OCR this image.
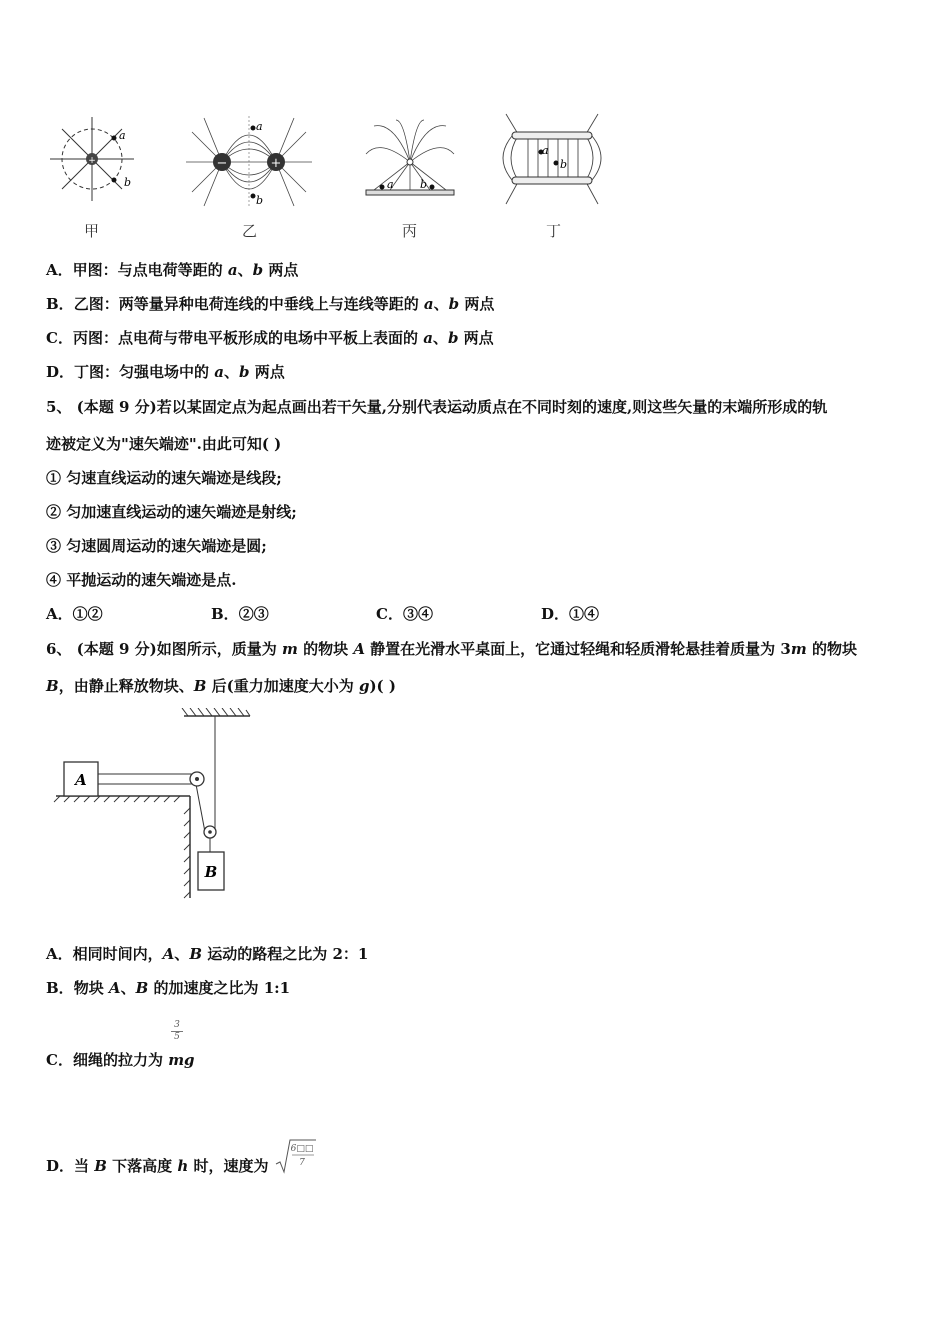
+
a
b
−	+
a
b
a b
a
b
甲	乙	丙	丁
A．甲图：与点电荷等距的 a、b 两点
B．乙图：两等量异种电荷连线的中垂线上与连线等距的 a、b 两点
C．丙图：点电荷与带电平板形成的电场中平板上表面的 a、b 两点
D．丁图：匀强电场中的 a、b 两点
5、 (本题 9 分)若以某固定点为起点画出若干矢量,分别代表运动质点在不同时刻的速度,则这些矢量的末端所形成的轨
迹被定义为"速矢端迹".由此可知( )
① 匀速直线运动的速矢端迹是线段;
② 匀加速直线运动的速矢端迹是射线;
③ 匀速圆周运动的速矢端迹是圆;
④ 平抛运动的速矢端迹是点.
A．①②	B．②③	C．③④	D．①④
6、 (本题 9 分)如图所示，质量为 m 的物块 A 静置在光滑水平桌面上，它通过轻绳和轻质滑轮悬挂着质量为 3m 的物块
B，由静止释放物块、B 后(重力加速度大小为 g)( )
A
B
A．相同时间内，A、B 运动的路程之比为 2：1
B．物块 A、B 的加速度之比为 1:1
$\frac{3}{5}$
C．细绳的拉力为 mg
D．当 B 下落高度 h 时，速度为
6□□
7
